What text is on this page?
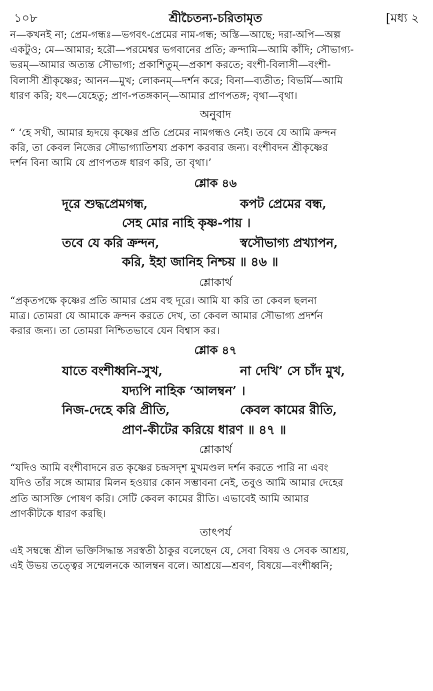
১০৮	শ্রীচৈতন্য-চরিতামৃত	[মধ্য ২

ন—কখনই না; প্রেম-গন্ধঃ—ভগবৎ-প্রেমের নাম-গন্ধ; অস্তি—আছে; দরা-অপি—অল্প

একটুও; মে—আমার; হরৌ—পরমেশ্বর ভগবানের প্রতি; ক্রন্দামি—আমি কাঁদি; সৌভাগ্য-

ভরম্—আমার অত্যন্ত সৌভাগ্য; প্রকাশিতুম্—প্রকাশ করতে; বংশী-বিলাসী—বংশী-

বিলাসী শ্রীকৃষ্ণের; আনন—মুখ; লোকনম্—দর্শন করে; বিনা—ব্যতীত; বিভর্মি—আমি

ধারণ করি; যৎ—যেহেতু; প্রাণ-পতঙ্গকান্—আমার প্রাণপতঙ্গ; বৃথা—বৃথা।

অনুবাদ

“ ‘হে সখী, আমার হৃদয়ে কৃষ্ণের প্রতি প্রেমের নামগন্ধও নেই। তবে যে আমি ক্রন্দন

করি, তা কেবল নিজের সৌভাগ্যাতিশয্য প্রকাশ করবার জন্য। বংশীবদন শ্রীকৃষ্ণের

দর্শন বিনা আমি যে প্রাণপতঙ্গ ধারণ করি, তা বৃথা।’

শ্লোক ৪৬
দূরে শুদ্ধপ্রেমগন্ধ,	কপট প্রেমের বন্ধ,
সেহ মোর নাহি কৃষ্ণ-পায় ।
তবে যে করি ক্রন্দন,	স্বসৌভাগ্য প্রখ্যাপন,
করি, ইহা জানিহ নিশ্চয় ॥ ৪৬ ॥
শ্লোকার্থ

“প্রকৃতপক্ষে কৃষ্ণের প্রতি আমার প্রেম বহু দূরে। আমি যা করি তা কেবল ছলনা

মাত্র। তোমরা যে আমাকে ক্রন্দন করতে দেখ, তা কেবল আমার সৌভাগ্য প্রদর্শন

করার জন্য। তা তোমরা নিশ্চিতভাবে যেন বিশ্বাস কর।

শ্লোক ৪৭
যাতে বংশীধ্বনি-সুখ,	না দেখি’ সে চাঁদ মুখ,
যদ্যপি নাহিক ‘আলম্বন’ ।
নিজ-দেহে করি প্রীতি,	কেবল কামের রীতি,
প্রাণ-কীটের করিয়ে ধারণ ॥ ৪৭ ॥
শ্লোকার্থ

“যদিও আমি বংশীবাদনে রত কৃষ্ণের চন্দ্রসদৃশ মুখমণ্ডল দর্শন করতে পারি না এবং

যদিও তাঁর সঙ্গে আমার মিলন হওয়ার কোন সম্ভাবনা নেই, তবুও আমি আমার দেহের

প্রতি আসক্তি পোষণ করি। সেটি কেবল কামের রীতি। এভাবেই আমি আমার

প্রাণকীটকে ধারণ করছি।

তাৎপর্য

এই সম্বন্ধে শ্রীল ভক্তিসিদ্ধান্ত সরস্বতী ঠাকুর বলেছেন যে, সেবা বিষয় ও সেবক আশ্রয়,

এই উভয় তত্ত্বের সম্মেলনকে আলম্বন বলে। আশ্রয়ে—শ্রবণ, বিষয়ে—বংশীধ্বনি;
